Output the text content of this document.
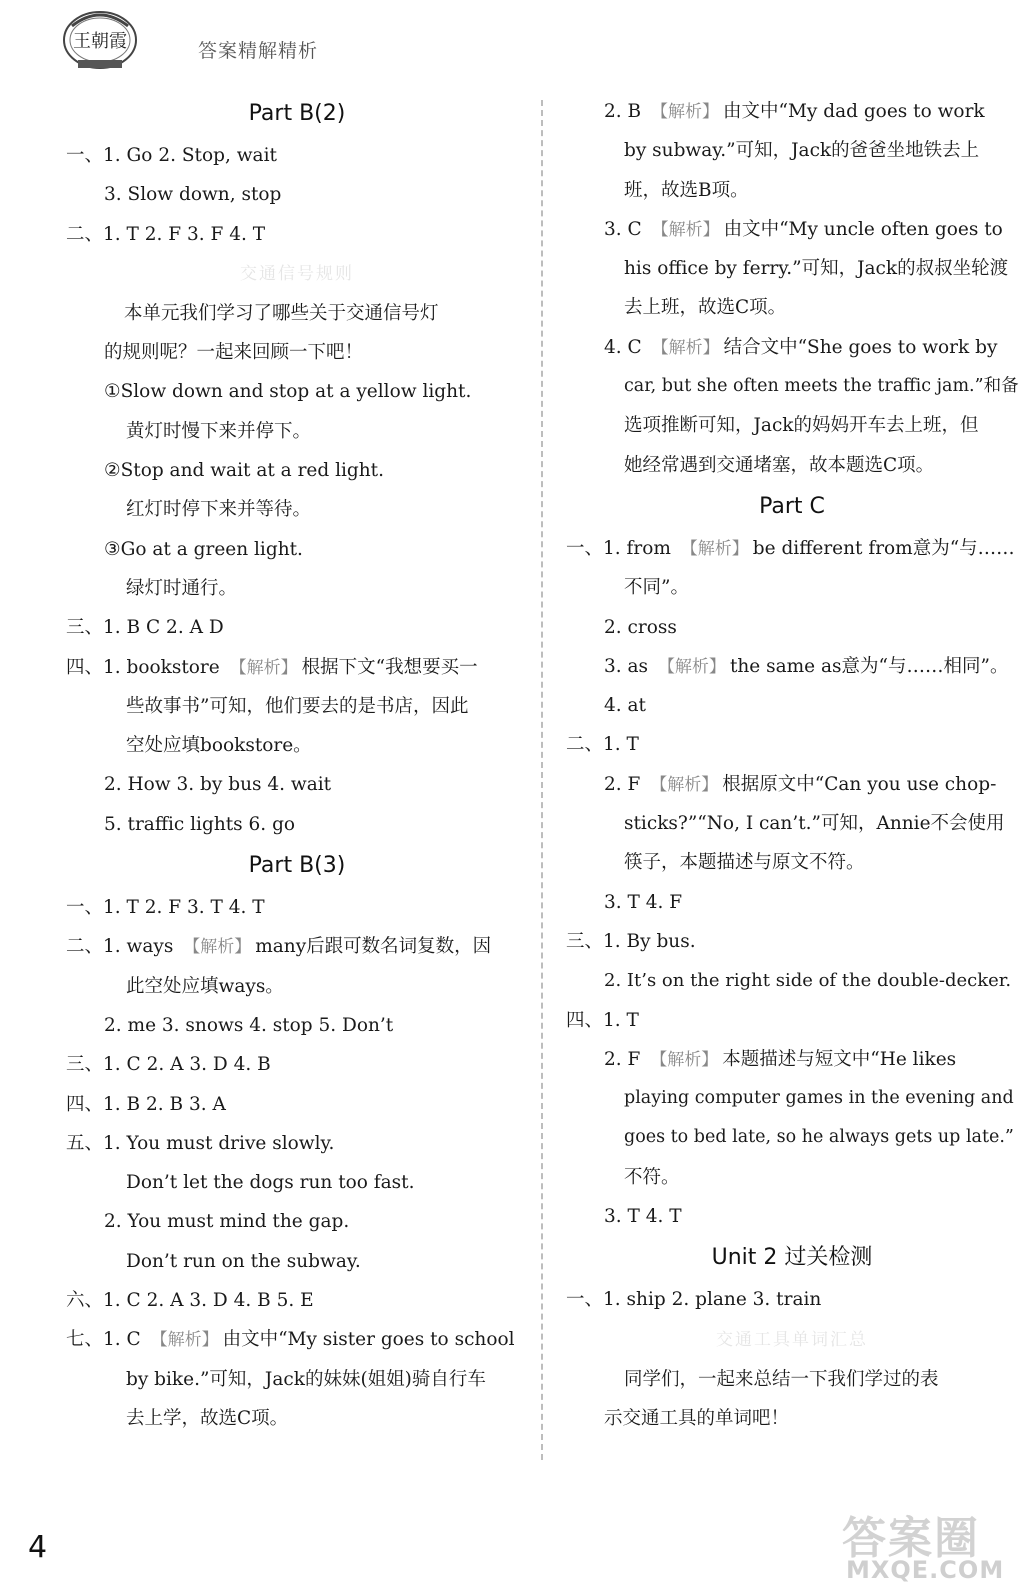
王朝霞	答案精解精析
Part B(2)
一、1. Go 2. Stop, wait
3. Slow down, stop
二、1. T 2. F 3. F 4. T
交通信号规则
本单元我们学习了哪些关于交通信号灯
的规则呢？一起来回顾一下吧！
①Slow down and stop at a yellow light.
黄灯时慢下来并停下。
②Stop and wait at a red light.
红灯时停下来并等待。
③Go at a green light.
绿灯时通行。
三、1. B C 2. A D
四、1. bookstore 【解析】 根据下文“我想要买一
些故事书”可知，他们要去的是书店，因此
空处应填bookstore。
2. How 3. by bus 4. wait
5. traffic lights 6. go
Part B(3)
一、1. T 2. F 3. T 4. T
二、1. ways 【解析】 many后跟可数名词复数，因
此空处应填ways。
2. me 3. snows 4. stop 5. Don’t
三、1. C 2. A 3. D 4. B
四、1. B 2. B 3. A
五、1. You must drive slowly.
Don’t let the dogs run too fast.
2. You must mind the gap.
Don’t run on the subway.
六、1. C 2. A 3. D 4. B 5. E
七、1. C 【解析】 由文中“My sister goes to school
by bike.”可知，Jack的妹妹(姐姐)骑自行车
去上学，故选C项。
2. B 【解析】 由文中“My dad goes to work
by subway.”可知，Jack的爸爸坐地铁去上
班，故选B项。
3. C 【解析】 由文中“My uncle often goes to
his office by ferry.”可知，Jack的叔叔坐轮渡
去上班，故选C项。
4. C 【解析】 结合文中“She goes to work by
car, but she often meets the traffic jam.”和备
选项推断可知，Jack的妈妈开车去上班，但
她经常遇到交通堵塞，故本题选C项。
Part C
一、1. from 【解析】 be different from意为“与……
不同”。
2. cross
3. as 【解析】 the same as意为“与……相同”。
4. at
二、1. T
2. F 【解析】 根据原文中“Can you use chop-
sticks?”“No, I can’t.”可知，Annie不会使用
筷子，本题描述与原文不符。
3. T 4. F
三、1. By bus.
2. It’s on the right side of the double-decker.
四、1. T
2. F 【解析】 本题描述与短文中“He likes
playing computer games in the evening and
goes to bed late, so he always gets up late.”
不符。
3. T 4. T
Unit 2 过关检测
一、1. ship 2. plane 3. train
交通工具单词汇总
同学们，一起来总结一下我们学过的表
示交通工具的单词吧！
4	答案圈
MXQE.COM
